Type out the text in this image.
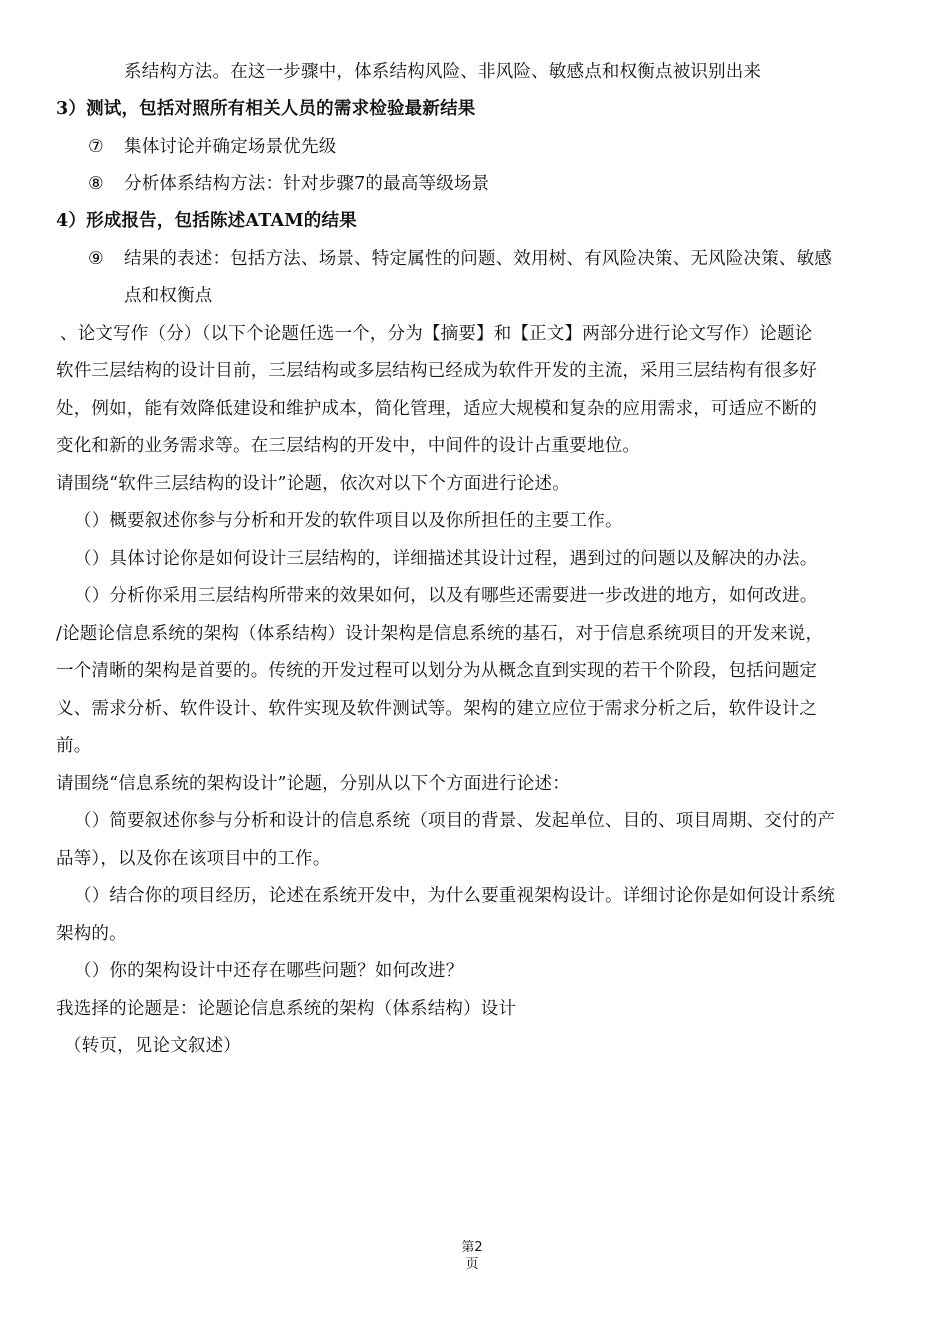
系结构方法。在这一步骤中，体系结构风险、非风险、敏感点和权衡点被识别出来
3）测试，包括对照所有相关人员的需求检验最新结果
⑦ 集体讨论并确定场景优先级
⑧ 分析体系结构方法：针对步骤7的最高等级场景
4）形成报告，包括陈述ATAM的结果
⑨ 结果的表述：包括方法、场景、特定属性的问题、效用树、有风险决策、无风险决策、敏感
点和权衡点
、论文写作（分）（以下个论题任选一个，分为【摘要】和【正文】两部分进行论文写作）论题论
软件三层结构的设计目前，三层结构或多层结构已经成为软件开发的主流，采用三层结构有很多好
处，例如，能有效降低建设和维护成本，简化管理，适应大规模和复杂的应用需求，可适应不断的
变化和新的业务需求等。在三层结构的开发中，中间件的设计占重要地位。
请围绕“软件三层结构的设计”论题，依次对以下个方面进行论述。
（）概要叙述你参与分析和开发的软件项目以及你所担任的主要工作。
（）具体讨论你是如何设计三层结构的，详细描述其设计过程，遇到过的问题以及解决的办法。
（）分析你采用三层结构所带来的效果如何，以及有哪些还需要进一步改进的地方，如何改进。
/论题论信息系统的架构（体系结构）设计架构是信息系统的基石，对于信息系统项目的开发来说，
一个清晰的架构是首要的。传统的开发过程可以划分为从概念直到实现的若干个阶段，包括问题定
义、需求分析、软件设计、软件实现及软件测试等。架构的建立应位于需求分析之后，软件设计之
前。
请围绕“信息系统的架构设计”论题，分别从以下个方面进行论述：
（）简要叙述你参与分析和设计的信息系统（项目的背景、发起单位、目的、项目周期、交付的产
品等），以及你在该项目中的工作。
（）结合你的项目经历，论述在系统开发中，为什么要重视架构设计。详细讨论你是如何设计系统
架构的。
（）你的架构设计中还存在哪些问题？如何改进？
我选择的论题是：论题论信息系统的架构（体系结构）设计
（转页，见论文叙述）
第2
页
